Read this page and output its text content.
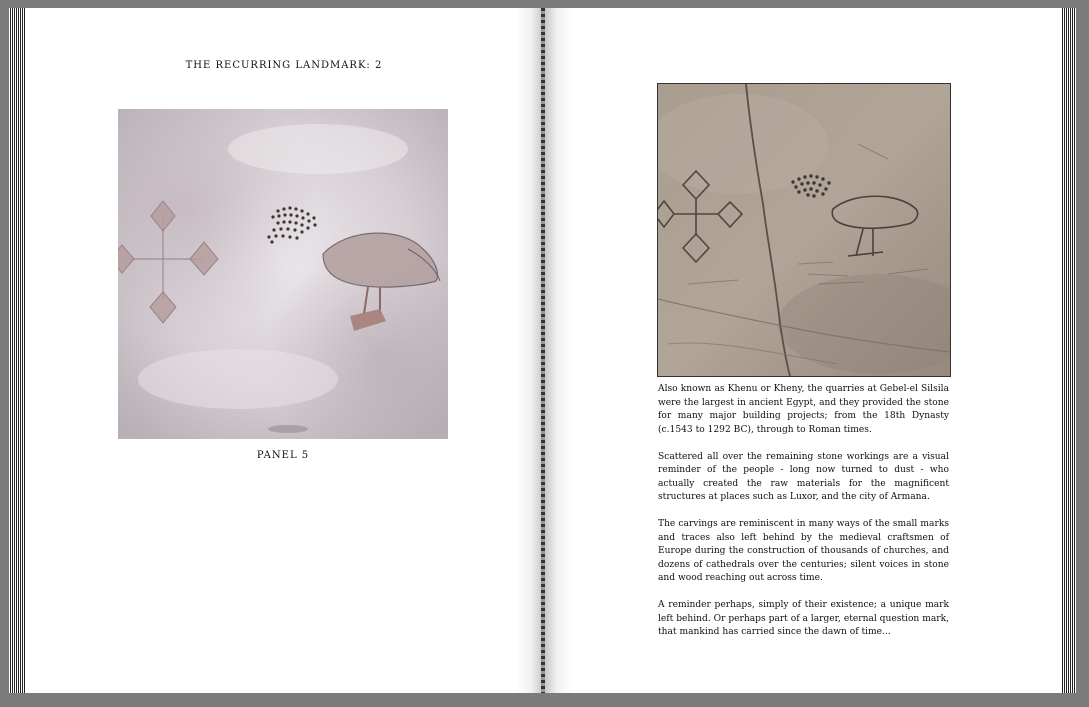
THE RECURRING LANDMARK: 2
PANEL 5

Also known as Khenu or Kheny, the quarries at Gebel-el Silsila were the largest in ancient Egypt, and they provided the stone for many major building projects; from the 18th Dynasty (c.1543 to 1292 BC), through to Roman times.

Scattered all over the remaining stone workings are a visual reminder of the people - long now turned to dust - who actually created the raw materials for the magnificent structures at places such as Luxor, and the city of Armana.

The carvings are reminiscent in many ways of the small marks and traces also left behind by the medieval craftsmen of Europe during the construction of thousands of churches, and dozens of cathedrals over the centuries; silent voices in stone and wood reaching out across time.

A reminder perhaps, simply of their existence; a unique mark left behind. Or perhaps part of a larger, eternal question mark, that mankind has carried since the dawn of time...
